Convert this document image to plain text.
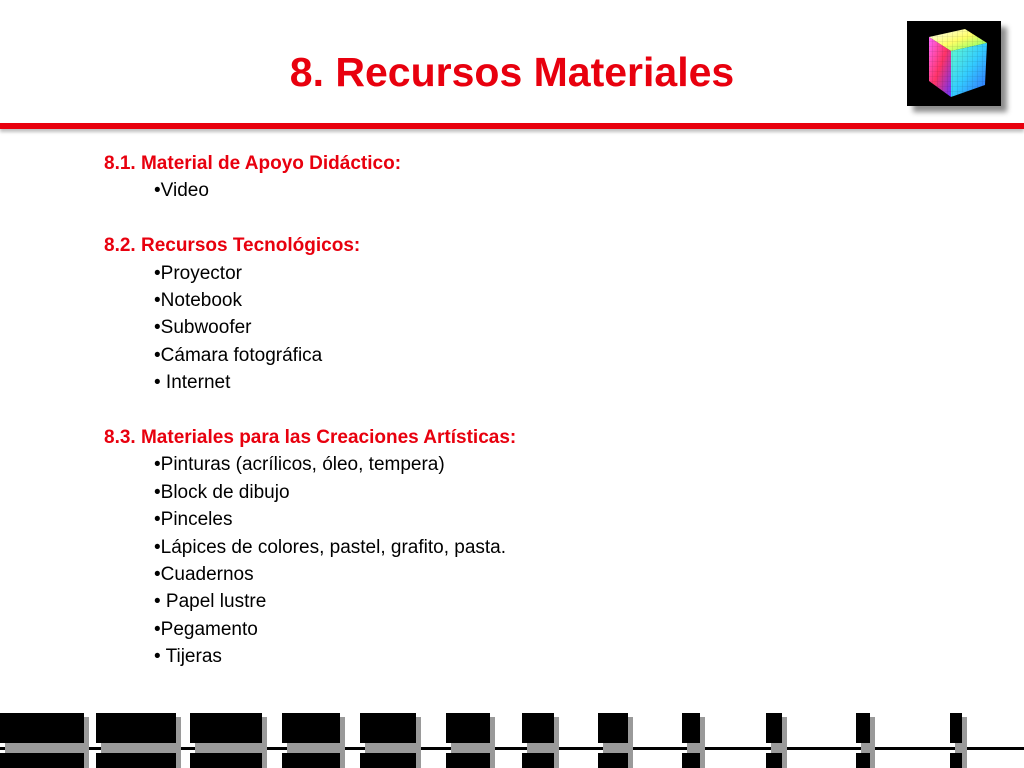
8. Recursos Materiales
8.1. Material de Apoyo Didáctico:
•Video
8.2. Recursos Tecnológicos:
•Proyector
•Notebook
•Subwoofer
•Cámara fotográfica
• Internet
8.3. Materiales para las Creaciones Artísticas:
•Pinturas (acrílicos, óleo, tempera)
•Block de dibujo
•Pinceles
•Lápices de colores, pastel, grafito, pasta.
•Cuadernos
• Papel lustre
•Pegamento
• Tijeras
